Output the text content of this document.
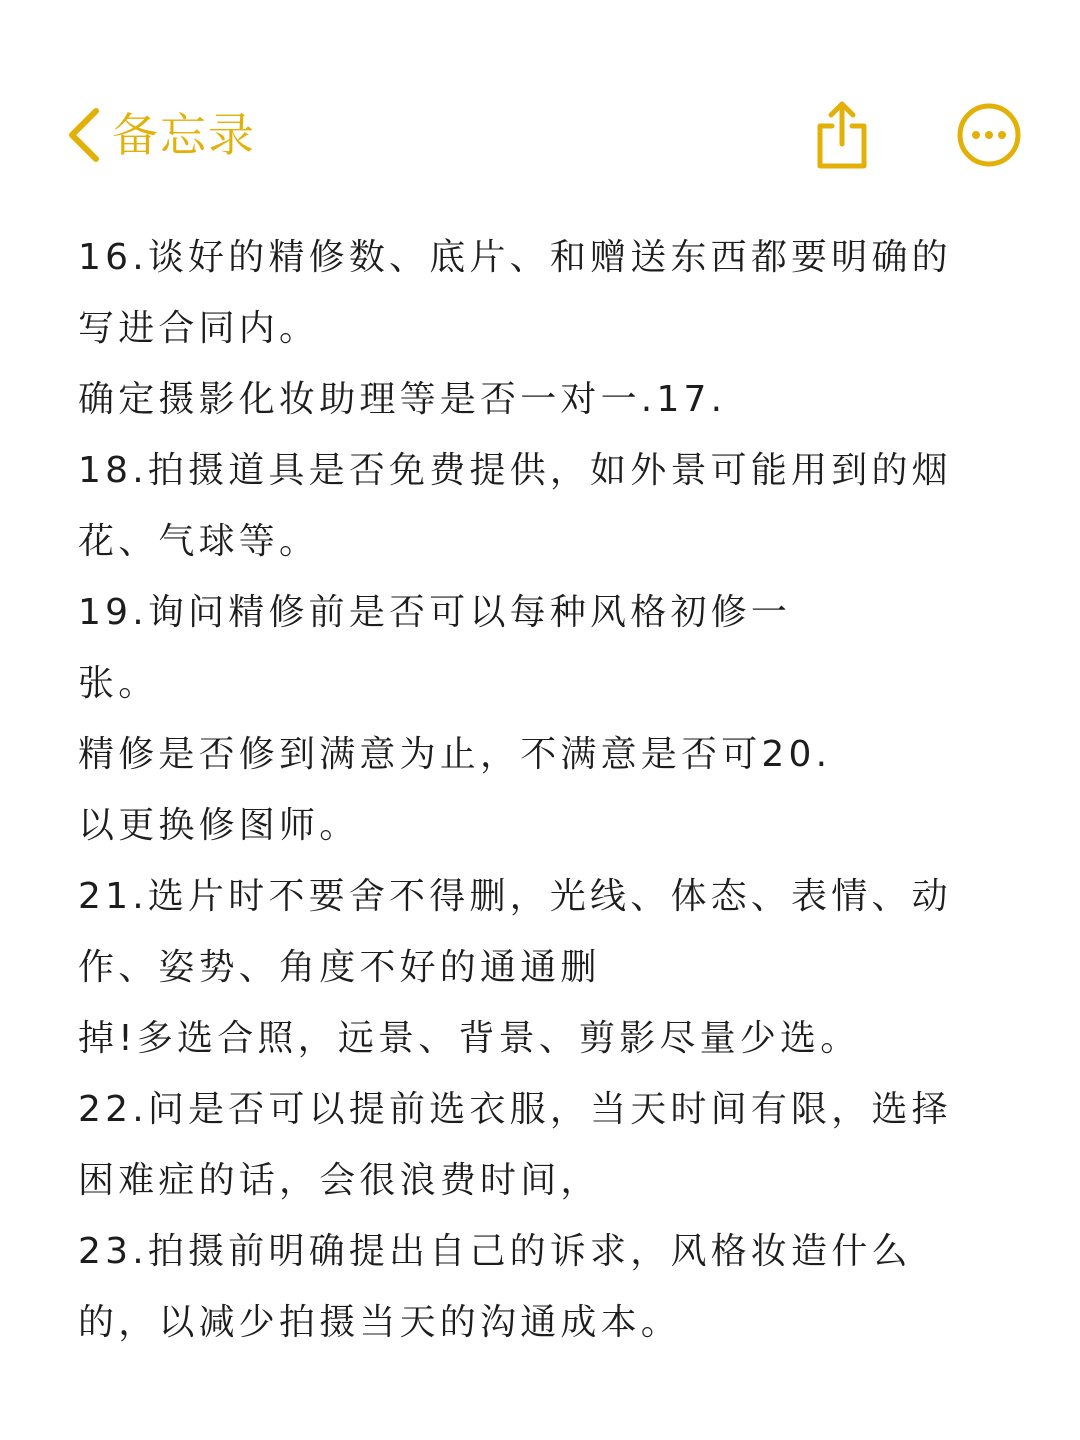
备忘录
16.谈好的精修数、底片、和赠送东西都要明确的
写进合同内。
确定摄影化妆助理等是否一对一.17.
18.拍摄道具是否免费提供，如外景可能用到的烟
花、气球等。
19.询问精修前是否可以每种风格初修一
张。
精修是否修到满意为止，不满意是否可20.
以更换修图师。
21.选片时不要舍不得删，光线、体态、表情、动
作、姿势、角度不好的通通删
掉!多选合照，远景、背景、剪影尽量少选。
22.问是否可以提前选衣服，当天时间有限，选择
困难症的话，会很浪费时间，
23.拍摄前明确提出自己的诉求，风格妆造什么
的，以减少拍摄当天的沟通成本。
